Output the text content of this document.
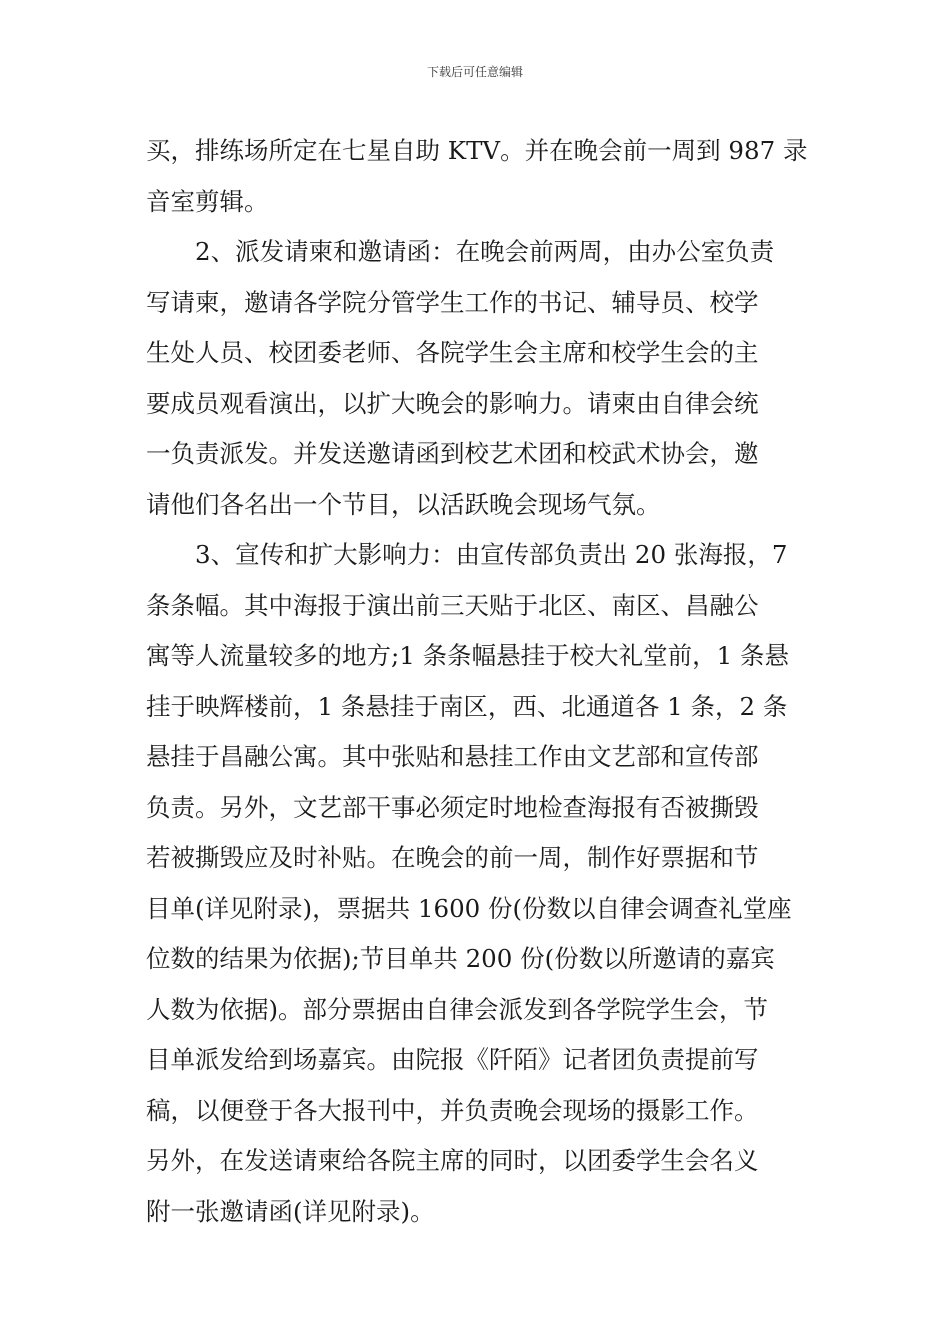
下载后可任意编辑
买，排练场所定在七星自助 KTV。并在晚会前一周到 987 录
音室剪辑。
2、派发请柬和邀请函：在晚会前两周，由办公室负责
写请柬，邀请各学院分管学生工作的书记、辅导员、校学
生处人员、校团委老师、各院学生会主席和校学生会的主
要成员观看演出，以扩大晚会的影响力。请柬由自律会统
一负责派发。并发送邀请函到校艺术团和校武术协会，邀
请他们各名出一个节目，以活跃晚会现场气氛。
3、宣传和扩大影响力：由宣传部负责出 20 张海报，7
条条幅。其中海报于演出前三天贴于北区、南区、昌融公
寓等人流量较多的地方;1 条条幅悬挂于校大礼堂前，1 条悬
挂于映辉楼前，1 条悬挂于南区，西、北通道各 1 条，2 条
悬挂于昌融公寓。其中张贴和悬挂工作由文艺部和宣传部
负责。另外，文艺部干事必须定时地检查海报有否被撕毁
若被撕毁应及时补贴。在晚会的前一周，制作好票据和节
目单(详见附录)，票据共 1600 份(份数以自律会调查礼堂座
位数的结果为依据);节目单共 200 份(份数以所邀请的嘉宾
人数为依据)。部分票据由自律会派发到各学院学生会，节
目单派发给到场嘉宾。由院报《阡陌》记者团负责提前写
稿，以便登于各大报刊中，并负责晚会现场的摄影工作。
另外，在发送请柬给各院主席的同时，以团委学生会名义
附一张邀请函(详见附录)。
